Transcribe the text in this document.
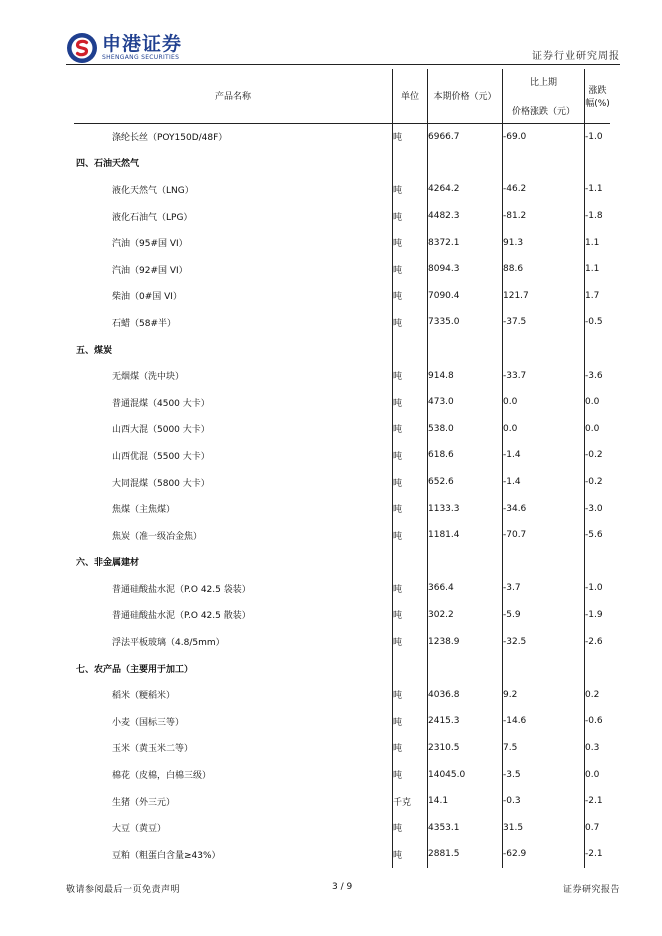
申港证券
SHENGANG SECURITIES	证券行业研究周报
产品名称	单位	本期价格（元）	比上期
价格涨跌（元）	涨跌幅(%)
涤纶长丝（POY150D/48F）	吨	6966.7	-69.0	-1.0
四、石油天然气				
液化天然气（LNG）	吨	4264.2	-46.2	-1.1
液化石油气（LPG）	吨	4482.3	-81.2	-1.8
汽油（95#国 VI）	吨	8372.1	91.3	1.1
汽油（92#国 VI）	吨	8094.3	88.6	1.1
柴油（0#国 VI）	吨	7090.4	121.7	1.7
石蜡（58#半）	吨	7335.0	-37.5	-0.5
五、煤炭				
无烟煤（洗中块）	吨	914.8	-33.7	-3.6
普通混煤（4500 大卡）	吨	473.0	0.0	0.0
山西大混（5000 大卡）	吨	538.0	0.0	0.0
山西优混（5500 大卡）	吨	618.6	-1.4	-0.2
大同混煤（5800 大卡）	吨	652.6	-1.4	-0.2
焦煤（主焦煤）	吨	1133.3	-34.6	-3.0
焦炭（准一级冶金焦）	吨	1181.4	-70.7	-5.6
六、非金属建材				
普通硅酸盐水泥（P.O 42.5 袋装）	吨	366.4	-3.7	-1.0
普通硅酸盐水泥（P.O 42.5 散装）	吨	302.2	-5.9	-1.9
浮法平板玻璃（4.8/5mm）	吨	1238.9	-32.5	-2.6
七、农产品（主要用于加工）				
稻米（粳稻米）	吨	4036.8	9.2	0.2
小麦（国标三等）	吨	2415.3	-14.6	-0.6
玉米（黄玉米二等）	吨	2310.5	7.5	0.3
棉花（皮棉，白棉三级）	吨	14045.0	-3.5	0.0
生猪（外三元）	千克	14.1	-0.3	-2.1
大豆（黄豆）	吨	4353.1	31.5	0.7
豆粕（粗蛋白含量≥43%）	吨	2881.5	-62.9	-2.1
敬请参阅最后一页免责声明	3 / 9	证券研究报告
